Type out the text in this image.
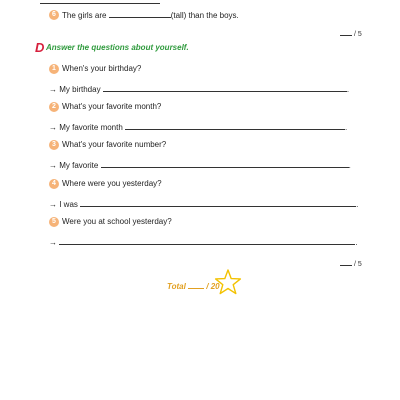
6 The girls are	(tall) than the boys.
/ 5
D Answer the questions about yourself.
1 When's your birthday?
→ My birthday	.
2 What's your favorite month?
→ My favorite month	.
3 What's your favorite number?
→ My favorite	.
4 Where were you yesterday?
→ I was	.
5 Were you at school yesterday?
→	.
/ 5
Total	/ 20
